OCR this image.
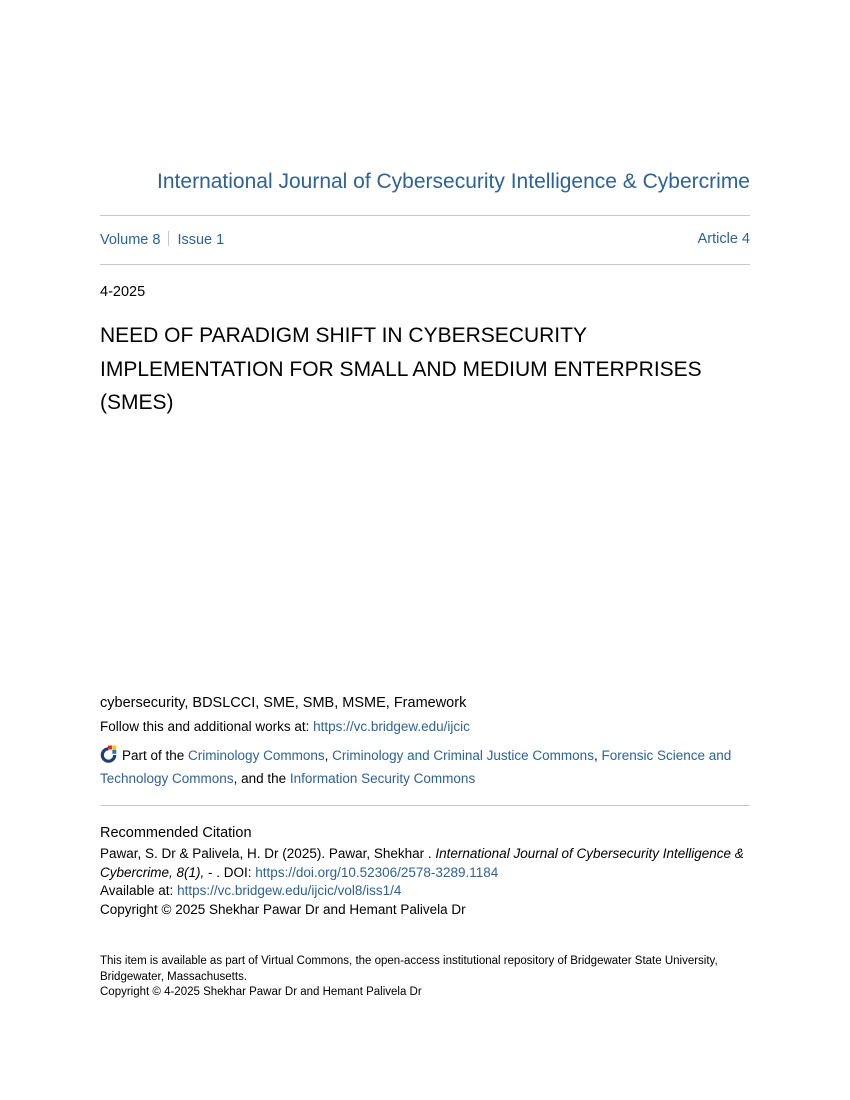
International Journal of Cybersecurity Intelligence & Cybercrime
Volume 8 Issue 1	Article 4
4-2025
NEED OF PARADIGM SHIFT IN CYBERSECURITY
IMPLEMENTATION FOR SMALL AND MEDIUM ENTERPRISES
(SMES)
cybersecurity, BDSLCCI, SME, SMB, MSME, Framework
Follow this and additional works at: https://vc.bridgew.edu/ijcic
Part of the Criminology Commons, Criminology and Criminal Justice Commons, Forensic Science and Technology Commons, and the Information Security Commons
Recommended Citation
Pawar, S. Dr & Palivela, H. Dr (2025). Pawar, Shekhar . International Journal of Cybersecurity Intelligence & Cybercrime, 8(1), - . DOI: https://doi.org/10.52306/2578-3289.1184
Available at: https://vc.bridgew.edu/ijcic/vol8/iss1/4
Copyright © 2025 Shekhar Pawar Dr and Hemant Palivela Dr
This item is available as part of Virtual Commons, the open-access institutional repository of Bridgewater State University, Bridgewater, Massachusetts.
Copyright © 4-2025 Shekhar Pawar Dr and Hemant Palivela Dr
